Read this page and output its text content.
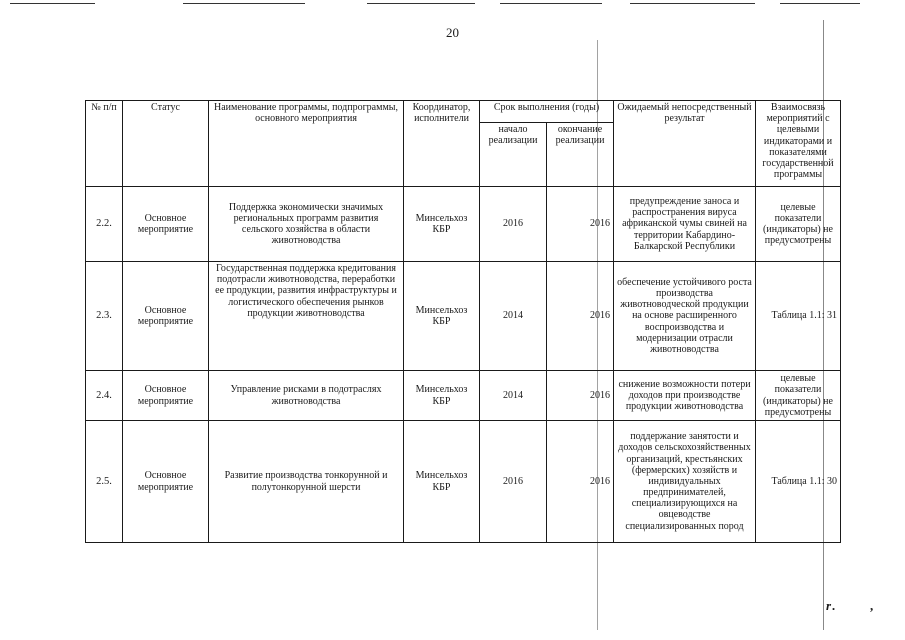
20
№ п/п	Статус	Наименование программы, подпрограммы, основного мероприятия	Координатор, исполнители	Срок выполнения (годы)		Ожидаемый непосредственный результат	Взаимосвязь мероприятий с целевыми индикаторами и показателями государственной программы
				начало реализации	окончание реализации		
2.2.	Основное мероприятие	Поддержка экономически значимых региональных программ развития сельского хозяйства в области животноводства	Минсельхоз КБР	2016	2016	предупреждение заноса и распространения вируса африканской чумы свиней на территории Кабардино-Балкарской Республики	целевые показатели (индикаторы) не предусмотрены
2.3.	Основное мероприятие	Государственная поддержка кредитования подотрасли животноводства, переработки ее продукции, развития инфраструктуры и логистического обеспечения рынков продукции животноводства	Минсельхоз КБР	2014	2016	обеспечение устойчивого роста производства животноводческой продукции на основе расширенного воспроизводства и модернизации отрасли животноводства	Таблица 1.1: 31
2.4.	Основное мероприятие	Управление рисками в подотраслях животноводства	Минсельхоз КБР	2014	2016	снижение возможности потери доходов при производстве продукции животноводства	целевые показатели (индикаторы) не предусмотрены
2.5.	Основное мероприятие	Развитие производства тонкорунной и полутонкорунной шерсти	Минсельхоз КБР	2016	2016	поддержание занятости и доходов сельскохозяйственных организаций, крестьянских (фермерских) хозяйств и индивидуальных предпринимателей, специализирующихся на овцеводстве специализированных пород	Таблица 1.1: 30
r. ,
